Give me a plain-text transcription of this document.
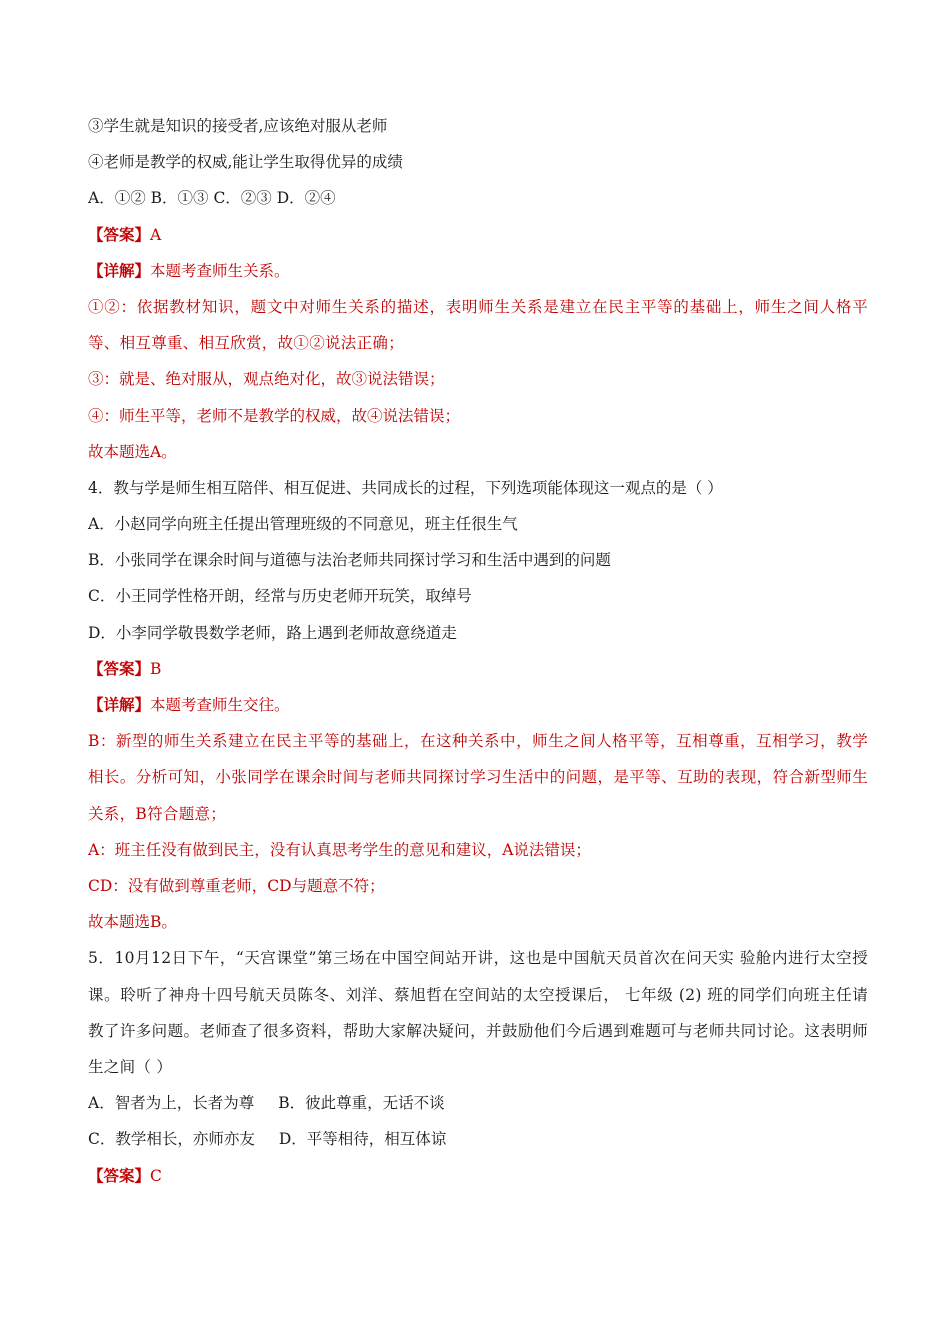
③学生就是知识的接受者,应该绝对服从老师
④老师是教学的权威,能让学生取得优异的成绩
A．①② B．①③ C．②③ D．②④
【答案】A
【详解】本题考查师生关系。
①②：依据教材知识，题文中对师生关系的描述，表明师生关系是建立在民主平等的基础上，师生之间人格平等、相互尊重、相互欣赏，故①②说法正确；
③：就是、绝对服从，观点绝对化，故③说法错误；
④：师生平等，老师不是教学的权威，故④说法错误；
故本题选A。
4．教与学是师生相互陪伴、相互促进、共同成长的过程，下列选项能体现这一观点的是（ ）
A．小赵同学向班主任提出管理班级的不同意见，班主任很生气
B．小张同学在课余时间与道德与法治老师共同探讨学习和生活中遇到的问题
C．小王同学性格开朗，经常与历史老师开玩笑，取绰号
D．小李同学敬畏数学老师，路上遇到老师故意绕道走
【答案】B
【详解】本题考查师生交往。
B：新型的师生关系建立在民主平等的基础上，在这种关系中，师生之间人格平等，互相尊重，互相学习，教学相长。分析可知，小张同学在课余时间与老师共同探讨学习生活中的问题，是平等、互助的表现，符合新型师生关系，B符合题意；
A：班主任没有做到民主，没有认真思考学生的意见和建议，A说法错误；
CD：没有做到尊重老师，CD与题意不符；
故本题选B。
5．10月12日下午，“天宫课堂”第三场在中国空间站开讲，这也是中国航天员首次在问天实 验舱内进行太空授课。聆听了神舟十四号航天员陈冬、刘洋、蔡旭哲在空间站的太空授课后， 七年级 (2) 班的同学们向班主任请教了许多问题。老师查了很多资料，帮助大家解决疑问，并鼓励他们今后遇到难题可与老师共同讨论。这表明师生之间（ ）
A．智者为上，长者为尊 B．彼此尊重，无话不谈
C．教学相长，亦师亦友 D．平等相待，相互体谅
【答案】C
